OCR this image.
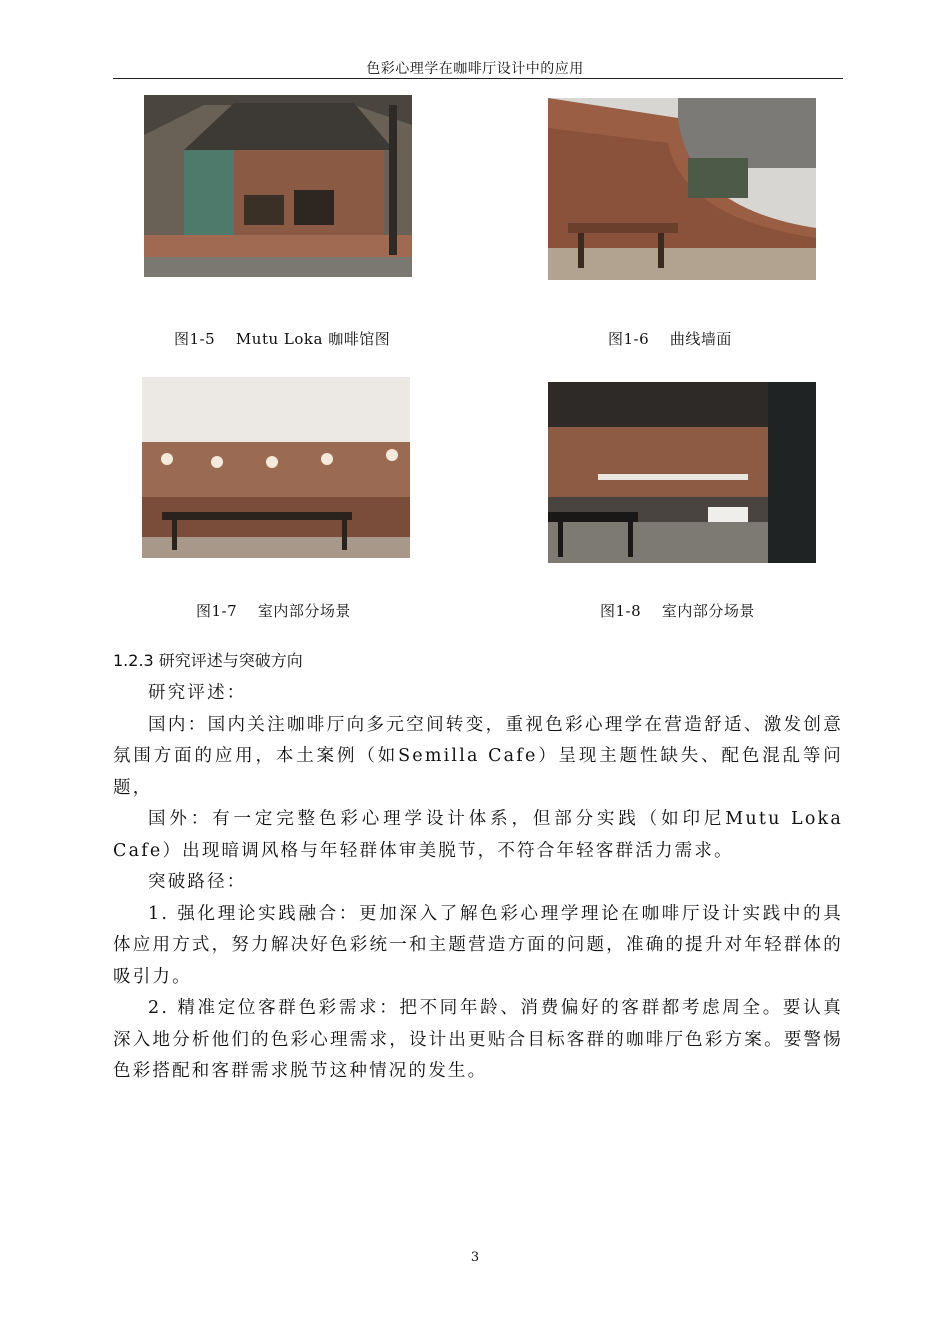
色彩心理学在咖啡厅设计中的应用
图1-5　 Mutu Loka 咖啡馆图	图1-6　 曲线墙面
图1-7　 室内部分场景	图1-8　 室内部分场景
1.2.3 研究评述与突破方向

研究评述：

国内：国内关注咖啡厅向多元空间转变，重视色彩心理学在营造舒适、激发创意氛围方面的应用，本土案例（如Semilla Cafe）呈现主题性缺失、配色混乱等问题，

国外：有一定完整色彩心理学设计体系，但部分实践（如印尼Mutu Loka Cafe）出现暗调风格与年轻群体审美脱节，不符合年轻客群活力需求。

突破路径：

1. 强化理论实践融合：更加深入了解色彩心理学理论在咖啡厅设计实践中的具体应用方式，努力解决好色彩统一和主题营造方面的问题，准确的提升对年轻群体的吸引力。

2. 精准定位客群色彩需求：把不同年龄、消费偏好的客群都考虑周全。要认真深入地分析他们的色彩心理需求，设计出更贴合目标客群的咖啡厅色彩方案。要警惕色彩搭配和客群需求脱节这种情况的发生。

3
